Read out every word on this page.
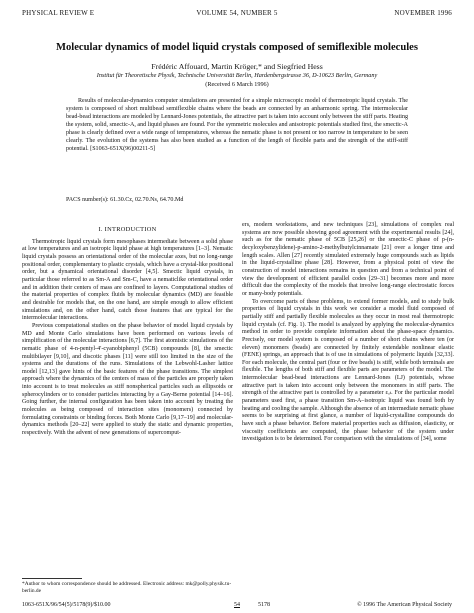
PHYSICAL REVIEW E	VOLUME 54, NUMBER 5	NOVEMBER 1996
Molecular dynamics of model liquid crystals composed of semiflexible molecules
Frédéric Affouard, Martin Kröger,* and Siegfried Hess
Institut für Theoretische Physik, Technische Universität Berlin, Hardenbergstrasse 36, D-10623 Berlin, Germany
(Received 6 March 1996)
Results of molecular-dynamics computer simulations are presented for a simple microscopic model of thermotropic liquid crystals. The system is composed of short multibead semiflexible chains where the beads are connected by an anharmonic spring. The intermolecular bead-bead interactions are modeled by Lennard-Jones potentials, the attractive part is taken into account only between the stiff parts. Heating the system, solid, smectic-A, and liquid phases are found. For the symmetric molecules and anisotropic potentials studied first, the smectic-A phase is clearly defined over a wide range of temperatures, whereas the nematic phase is not present or too narrow in temperature to be seen clearly. The evolution of the systems has also been studied as a function of the length of flexible parts and the strength of the stiff-stiff potential. [S1063-651X(96)00211-5]
PACS number(s): 61.30.Cz, 02.70.Ns, 64.70.Md
I. INTRODUCTION

Thermotropic liquid crystals form mesophases intermediate between a solid phase at low temperatures and an isotropic liquid phase at high temperatures [1–3]. Nematic liquid crystals possess an orientational order of the molecular axes, but no long-range positional order, complementary to plastic crystals, which have a crystal-like positional order, but a dynamical orientational disorder [4,5]. Smectic liquid crystals, in particular those referred to as Sm-A and Sm-C, have a nematiclike orientational order and in addition their centers of mass are confined to layers. Computational studies of the material properties of complex fluids by molecular dynamics (MD) are feasible and desirable for models that, on the one hand, are simple enough to allow efficient simulations and, on the other hand, catch those features that are typical for the intermolecular interactions.

Previous computational studies on the phase behavior of model liquid crystals by MD and Monte Carlo simulations have been performed on various levels of simplification of the molecular interactions [6,7]. The first atomistic simulations of the nematic phase of 4-n-pentyl-4′-cyanobiphenyl (5CB) compounds [8], the smectic multibilayer [9,10], and discotic phases [11] were still too limited in the size of the systems and the durations of the runs. Simulations of the Lebwohl-Lasher lattice model [12,13] gave hints of the basic features of the phase transitions. The simplest approach where the dynamics of the centers of mass of the particles are properly taken into account is to treat molecules as stiff nonspherical particles such as ellipsoids or spherocylinders or to consider particles interacting by a Gay-Berne potential [14–16]. Going further, the internal configuration has been taken into account by treating the molecules as being composed of interaction sites (monomers) connected by formulating constraints or binding forces. Both Monte Carlo [9,17–19] and molecular-dynamics methods [20–22] were applied to study the static and dynamic properties, respectively. With the advent of new generations of supercomput-

ers, modern workstations, and new techniques [23], simulations of complex real systems are now possible showing good agreement with the experimental results [24], such as for the nematic phase of 5CB [25,26] or the smectic-C phase of p-(n-decyloxybenzylidene)-p-amino-2-methylbutylcinnamate [21] over a longer time and length scales. Allen [27] recently simulated extremely huge compounds such as lipids in the liquid-crystalline phase [28]. However, from a physical point of view the construction of model interactions remains in question and from a technical point of view the development of efficient parallel codes [29–31] becomes more and more difficult due the complexity of the models that involve long-range electrostatic forces or many-body potentials.

To overcome parts of these problems, to extend former models, and to study bulk properties of liquid crystals in this work we consider a model fluid composed of partially stiff and partially flexible molecules as they occur in most real thermotropic liquid crystals (cf. Fig. 1). The model is analyzed by applying the molecular-dynamics method in order to provide complete information about the phase-space dynamics. Precisely, our model system is composed of a number of short chains where ten (or eleven) monomers (beads) are connected by finitely extendable nonlinear elastic (FENE) springs, an approach that is of use in simulations of polymeric liquids [32,33]. For each molecule, the central part (four or five beads) is stiff, while both terminals are flexible. The lengths of both stiff and flexible parts are parameters of the model. The intermolecular bead-bead interactions are Lennard-Jones (LJ) potentials, whose attractive part is taken into account only between the monomers in stiff parts. The strength of the attractive part is controlled by a parameter εₐₜ. For the particular model parameters used first, a phase transition Sm-A–isotropic liquid was found both by heating and cooling the sample. Although the absence of an intermediate nematic phase seems to be surprising at first glance, a number of liquid-crystalline compounds do have such a phase behavior. Before material properties such as diffusion, elasticity, or viscosity coefficients are computed, the phase behavior of the system under investigation is to be determined. For comparison with the simulations of [34], some

*Author to whom correspondence should be addressed. Electronic address: mk@polly.physik.tu-berlin.de
1063-651X/96/54(5)/5178(9)/$10.00	54	5178	© 1996 The American Physical Society
